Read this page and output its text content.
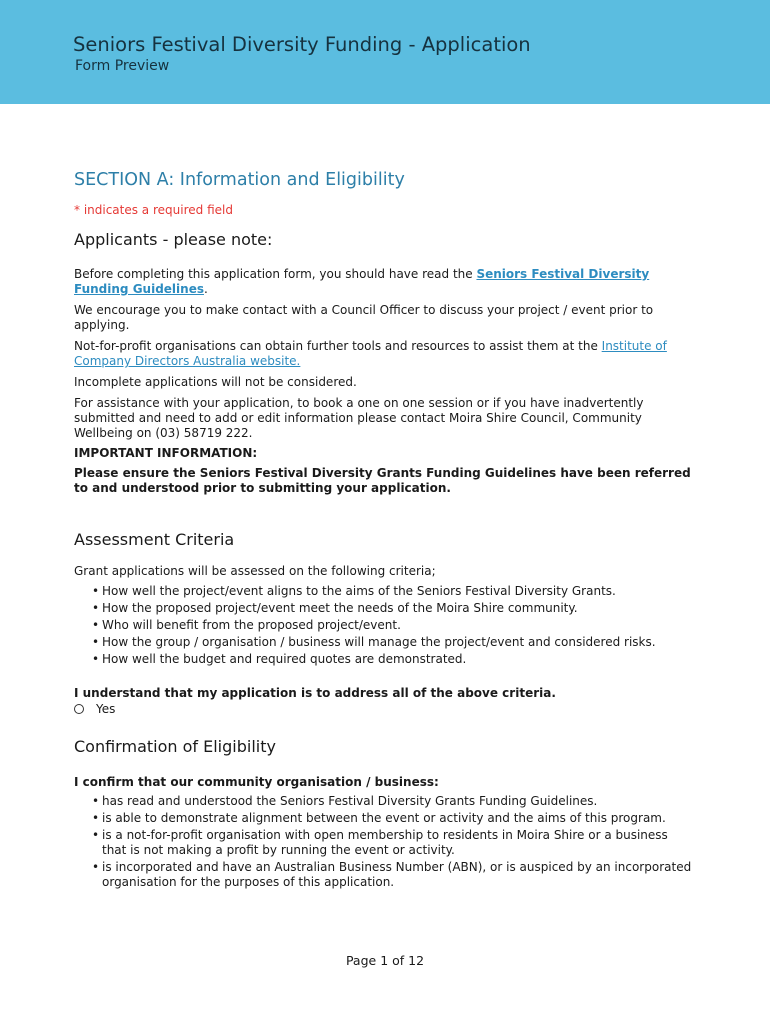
Seniors Festival Diversity Funding - Application
Form Preview
SECTION A: Information and Eligibility
* indicates a required field
Applicants - please note:

Before completing this application form, you should have read the Seniors Festival Diversity Funding Guidelines.

We encourage you to make contact with a Council Officer to discuss your project / event prior to applying.

Not-for-profit organisations can obtain further tools and resources to assist them at the Institute of Company Directors Australia website.

Incomplete applications will not be considered.

For assistance with your application, to book a one on one session or if you have inadvertently submitted and need to add or edit information please contact Moira Shire Council, Community Wellbeing on (03) 58719 222.

IMPORTANT INFORMATION:

Please ensure the Seniors Festival Diversity Grants Funding Guidelines have been referred to and understood prior to submitting your application.

Assessment Criteria

Grant applications will be assessed on the following criteria;

• How well the project/event aligns to the aims of the Seniors Festival Diversity Grants.
• How the proposed project/event meet the needs of the Moira Shire community.
• Who will benefit from the proposed project/event.
• How the group / organisation / business will manage the project/event and considered risks.
• How well the budget and required quotes are demonstrated.

I understand that my application is to address all of the above criteria.

Yes
Confirmation of Eligibility

I confirm that our community organisation / business:

• has read and understood the Seniors Festival Diversity Grants Funding Guidelines.
• is able to demonstrate alignment between the event or activity and the aims of this program.
• is a not-for-profit organisation with open membership to residents in Moira Shire or a business that is not making a profit by running the event or activity.
• is incorporated and have an Australian Business Number (ABN), or is auspiced by an incorporated organisation for the purposes of this application.
Page 1 of 12
